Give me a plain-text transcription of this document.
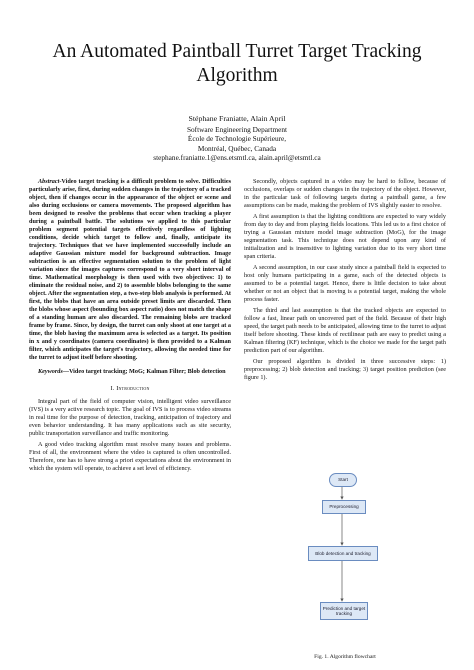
An Automated Paintball Turret Target Tracking Algorithm
Stéphane Franiatte, Alain April
Software Engineering Department
École de Technologie Supérieure,
Montréal, Québec, Canada
stephane.franiatte.1@ens.etsmtl.ca, alain.april@etsmtl.ca

Abstract-Video target tracking is a difficult problem to solve. Difficulties particularly arise, first, during sudden changes in the trajectory of a tracked object, then if changes occur in the appearance of the object or scene and also during occlusions or camera movements. The proposed algorithm has been designed to resolve the problems that occur when tracking a player during a paintball battle. The solutions we applied to this particular problem segment potential targets effectively regardless of lighting conditions, decide which target to follow and, finally, anticipate its trajectory. Techniques that we have implemented successfully include an adaptive Gaussian mixture model for background subtraction. Image subtraction is an effective segmentation solution to the problem of light variation since the images captures correspond to a very short interval of time. Mathematical morphology is then used with two objectives: 1) to eliminate the residual noise, and 2) to assemble blobs belonging to the same object. After the segmentation step, a two-step blob analysis is performed. At first, the blobs that have an area outside preset limits are discarded. Then the blobs whose aspect (bounding box aspect ratio) does not match the shape of a standing human are also discarded. The remaining blobs are tracked frame by frame. Since, by design, the turret can only shoot at one target at a time, the blob having the maximum area is selected as a target. Its position in x and y coordinates (camera coordinates) is then provided to a Kalman filter, which anticipates the target's trajectory, allowing the needed time for the turret to adjust itself before shooting.

Keywords—Video target tracking; MoG; Kalman Filter; Blob detection

I. Introduction

Integral part of the field of computer vision, intelligent video surveillance (IVS) is a very active research topic. The goal of IVS is to process video streams in real time for the purpose of detection, tracking, anticipation of trajectory and even behavior understanding. It has many applications such as site security, public transportation surveillance and traffic monitoring.

A good video tracking algorithm must resolve many issues and problems. First of all, the environment where the video is captured is often uncontrolled. Therefore, one has to have strong a priori expectations about the environment in which the system will operate, to achieve a set level of efficiency.

Secondly, objects captured in a video may be hard to follow, because of occlusions, overlaps or sudden changes in the trajectory of the object. However, in the particular task of following targets during a paintball game, a few assumptions can be made, making the problem of IVS slightly easier to resolve.

A first assumption is that the lighting conditions are expected to vary widely from day to day and from playing fields locations. This led us to a first choice of trying a Gaussian mixture model image subtraction (MoG), for the image segmentation task. This technique does not depend upon any kind of initialization and is insensitive to lighting variation due to its very short time span criteria.

A second assumption, in our case study since a paintball field is expected to host only humans participating in a game, each of the detected objects is assumed to be a potential target. Hence, there is little decision to take about whether or not an object that is moving is a potential target, making the whole process faster.

The third and last assumption is that the tracked objects are expected to follow a fast, linear path on uncovered part of the field. Because of their high speed, the target path needs to be anticipated, allowing time to the turret to adjust itself before shooting. These kinds of rectilinear path are easy to predict using a Kalman filtering (KF) technique, which is the choice we made for the target path prediction part of our algorithm.

Our proposed algorithm is divided in three successive steps: 1) preprocessing; 2) blob detection and tracking; 3) target position prediction (see figure 1).

Start
Preprocessing
Blob detection and tracking
Prediction and target tracking
Fig. 1. Algorithm flowchart
